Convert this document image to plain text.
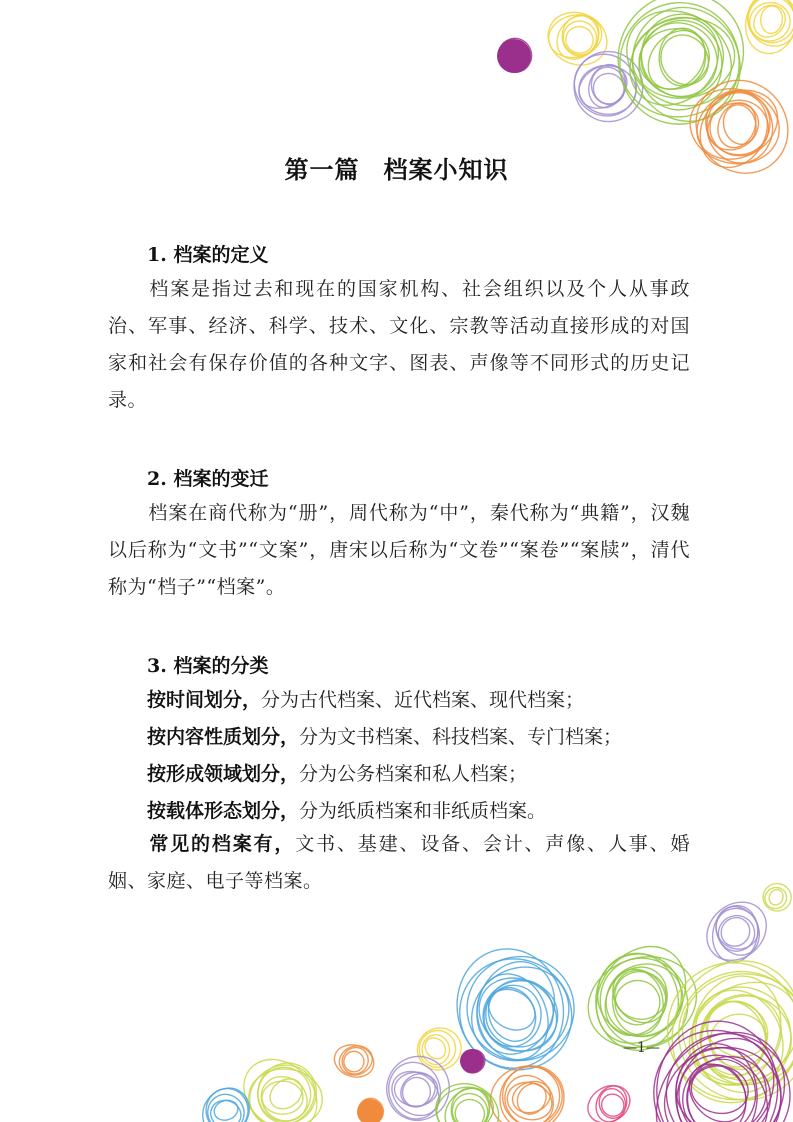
第一篇 档案小知识
1. 档案的定义
档案是指过去和现在的国家机构、社会组织以及个人从事政治、军事、经济、科学、技术、文化、宗教等活动直接形成的对国家和社会有保存价值的各种文字、图表、声像等不同形式的历史记录。
2. 档案的变迁
档案在商代称为“册”，周代称为“中”，秦代称为“典籍”，汉魏以后称为“文书”“文案”，唐宋以后称为“文卷”“案卷”“案牍”，清代称为“档子”“档案”。
3. 档案的分类
按时间划分，分为古代档案、近代档案、现代档案；
按内容性质划分，分为文书档案、科技档案、专门档案；
按形成领域划分，分为公务档案和私人档案；
按载体形态划分，分为纸质档案和非纸质档案。
常见的档案有，文书、基建、设备、会计、声像、人事、婚姻、家庭、电子等档案。
—1—
